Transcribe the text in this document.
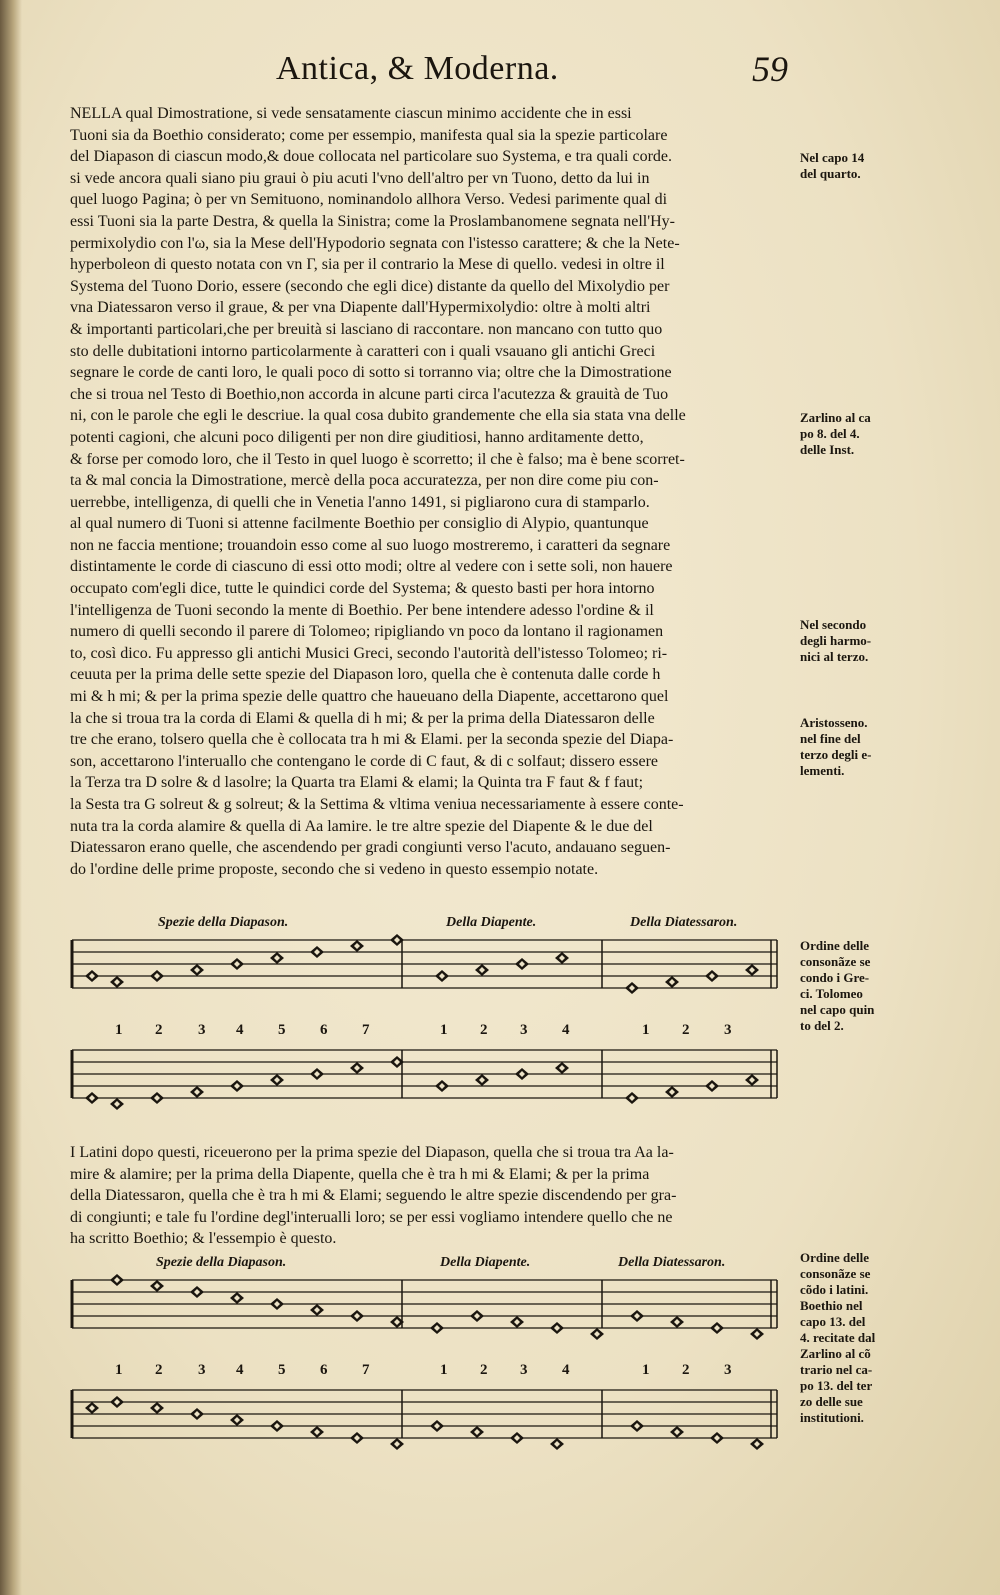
Antica, & Moderna.	59
NELLA qual Dimostratione, si vede sensatamente ciascun minimo accidente che in essi
Tuoni sia da Boethio considerato; come per essempio, manifesta qual sia la spezie particolare
del Diapason di ciascun modo,& doue collocata nel particolare suo Systema, e tra quali corde.
si vede ancora quali siano piu graui ò piu acuti l'vno dell'altro per vn Tuono, detto da lui in
quel luogo Pagina; ò per vn Semituono, nominandolo allhora Verso. Vedesi parimente qual di
essi Tuoni sia la parte Destra, & quella la Sinistra; come la Proslambanomene segnata nell'Hy-
permixolydio con l'ω, sia la Mese dell'Hypodorio segnata con l'istesso carattere; & che la Nete-
hyperboleon di questo notata con vn Γ, sia per il contrario la Mese di quello. vedesi in oltre il
Systema del Tuono Dorio, essere (secondo che egli dice) distante da quello del Mixolydio per
vna Diatessaron verso il graue, & per vna Diapente dall'Hypermixolydio: oltre à molti altri
& importanti particolari,che per breuità si lasciano di raccontare. non mancano con tutto quo
sto delle dubitationi intorno particolarmente à caratteri con i quali vsauano gli antichi Greci
segnare le corde de canti loro, le quali poco di sotto si torranno via; oltre che la Dimostratione
che si troua nel Testo di Boethio,non accorda in alcune parti circa l'acutezza & grauità de Tuo
ni, con le parole che egli le descriue. la qual cosa dubito grandemente che ella sia stata vna delle
potenti cagioni, che alcuni poco diligenti per non dire giuditiosi, hanno arditamente detto,
& forse per comodo loro, che il Testo in quel luogo è scorretto; il che è falso; ma è bene scorret-
ta & mal concia la Dimostratione, mercè della poca accuratezza, per non dire come piu con-
uerrebbe, intelligenza, di quelli che in Venetia l'anno 1491, si pigliarono cura di stamparlo.
al qual numero di Tuoni si attenne facilmente Boethio per consiglio di Alypio, quantunque
non ne faccia mentione; trouandoin esso come al suo luogo mostreremo, i caratteri da segnare
distintamente le corde di ciascuno di essi otto modi; oltre al vedere con i sette soli, non hauere
occupato com'egli dice, tutte le quindici corde del Systema; & questo basti per hora intorno
l'intelligenza de Tuoni secondo la mente di Boethio. Per bene intendere adesso l'ordine & il
numero di quelli secondo il parere di Tolomeo; ripigliando vn poco da lontano il ragionamen
to, così dico. Fu appresso gli antichi Musici Greci, secondo l'autorità dell'istesso Tolomeo; ri-
ceuuta per la prima delle sette spezie del Diapason loro, quella che è contenuta dalle corde h
mi & h mi; & per la prima spezie delle quattro che haueuano della Diapente, accettarono quel
la che si troua tra la corda di Elami & quella di h mi; & per la prima della Diatessaron delle
tre che erano, tolsero quella che è collocata tra h mi & Elami. per la seconda spezie del Diapa-
son, accettarono l'interuallo che contengano le corde di C faut, & di c solfaut; dissero essere
la Terza tra D solre & d lasolre; la Quarta tra Elami & elami; la Quinta tra F faut & f faut;
la Sesta tra G solreut & g solreut; & la Settima & vltima veniua necessariamente à essere conte-
nuta tra la corda alamire & quella di Aa lamire. le tre altre spezie del Diapente & le due del
Diatessaron erano quelle, che ascendendo per gradi congiunti verso l'acuto, andauano seguen-
do l'ordine delle prime proposte, secondo che si vedeno in questo essempio notate.
Nel capo 14
del quarto.
Zarlino al ca
po 8. del 4.
delle Inst.
Nel secondo
degli harmo-
nici al terzo.
Aristosseno.
nel fine del
terzo degli e-
lementi.
Ordine delle
consonãze se
condo i Gre-
ci. Tolomeo
nel capo quin
to del 2.
Ordine delle
consonãze se
cõdo i latini.
Boethio nel
capo 13. del
4. recitate dal
Zarlino al cõ
trario nel ca-
po 13. del ter
zo delle sue
institutioni.
Spezie della Diapason.	Della Diapente.	Della Diatessaron.
1 2 3 4 5 6 7	1 2 3 4	1 2 3
I Latini dopo questi, riceuerono per la prima spezie del Diapason, quella che si troua tra Aa la-
mire & alamire; per la prima della Diapente, quella che è tra h mi & Elami; & per la prima
della Diatessaron, quella che è tra h mi & Elami; seguendo le altre spezie discendendo per gra-
di congiunti; e tale fu l'ordine degl'interualli loro; se per essi vogliamo intendere quello che ne
ha scritto Boethio; & l'essempio è questo.
Spezie della Diapason.	Della Diapente.	Della Diatessaron.
1 2 3 4 5 6 7	1 2 3 4	1 2 3
